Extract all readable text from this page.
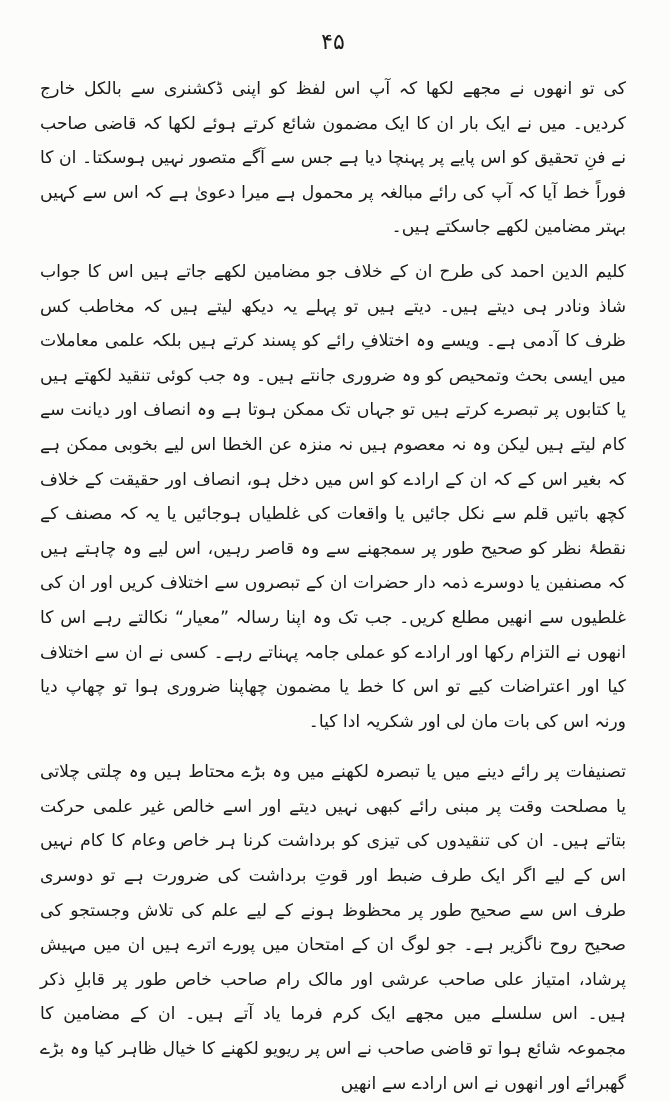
۴۵

کی تو انھوں نے مجھے لکھا کہ آپ اس لفظ کو اپنی ڈکشنری سے بالکل خارج کردیں۔ میں نے ایک بار ان کا ایک مضمون شائع کرتے ہوئے لکھا کہ قاضی صاحب نے فنِ تحقیق کو اس پایے پر پہنچا دیا ہے جس سے آگے متصور نہیں ہوسکتا۔ ان کا فوراً خط آیا کہ آپ کی رائے مبالغہ پر محمول ہے میرا دعویٰ ہے کہ اس سے کہیں بہتر مضامین لکھے جاسکتے ہیں۔

کلیم الدین احمد کی طرح ان کے خلاف جو مضامین لکھے جاتے ہیں اس کا جواب شاذ ونادر ہی دیتے ہیں۔ دیتے ہیں تو پہلے یہ دیکھ لیتے ہیں کہ مخاطب کس ظرف کا آدمی ہے۔ ویسے وہ اختلافِ رائے کو پسند کرتے ہیں بلکہ علمی معاملات میں ایسی بحث وتمحیص کو وہ ضروری جانتے ہیں۔ وہ جب کوئی تنقید لکھتے ہیں یا کتابوں پر تبصرے کرتے ہیں تو جہاں تک ممکن ہوتا ہے وہ انصاف اور دیانت سے کام لیتے ہیں لیکن وہ نہ معصوم ہیں نہ منزہ عن الخطا اس لیے بخوبی ممکن ہے کہ بغیر اس کے کہ ان کے ارادے کو اس میں دخل ہو، انصاف اور حقیقت کے خلاف کچھ باتیں قلم سے نکل جائیں یا واقعات کی غلطیاں ہوجائیں یا یہ کہ مصنف کے نقطۂ نظر کو صحیح طور پر سمجھنے سے وہ قاصر رہیں، اس لیے وہ چاہتے ہیں کہ مصنفین یا دوسرے ذمہ دار حضرات ان کے تبصروں سے اختلاف کریں اور ان کی غلطیوں سے انھیں مطلع کریں۔ جب تک وہ اپنا رسالہ ”معیار“ نکالتے رہے اس کا انھوں نے التزام رکھا اور ارادے کو عملی جامہ پہناتے رہے۔ کسی نے ان سے اختلاف کیا اور اعتراضات کیے تو اس کا خط یا مضمون چھاپنا ضروری ہوا تو چھاپ دیا ورنہ اس کی بات مان لی اور شکریہ ادا کیا۔

تصنیفات پر رائے دینے میں یا تبصرہ لکھنے میں وہ بڑے محتاط ہیں وہ چلتی چلاتی یا مصلحت وقت پر مبنی رائے کبھی نہیں دیتے اور اسے خالص غیر علمی حرکت بتاتے ہیں۔ ان کی تنقیدوں کی تیزی کو برداشت کرنا ہر خاص وعام کا کام نہیں اس کے لیے اگر ایک طرف ضبط اور قوتِ برداشت کی ضرورت ہے تو دوسری طرف اس سے صحیح طور پر محظوظ ہونے کے لیے علم کی تلاش وجستجو کی صحیح روح ناگزیر ہے۔ جو لوگ ان کے امتحان میں پورے اترے ہیں ان میں مہیش پرشاد، امتیاز علی صاحب عرشی اور مالک رام صاحب خاص طور پر قابلِ ذکر ہیں۔ اس سلسلے میں مجھے ایک کرم فرما یاد آتے ہیں۔ ان کے مضامین کا مجموعہ شائع ہوا تو قاضی صاحب نے اس پر ریویو لکھنے کا خیال ظاہر کیا وہ بڑے گھبرائے اور انھوں نے اس ارادے سے انھیں
